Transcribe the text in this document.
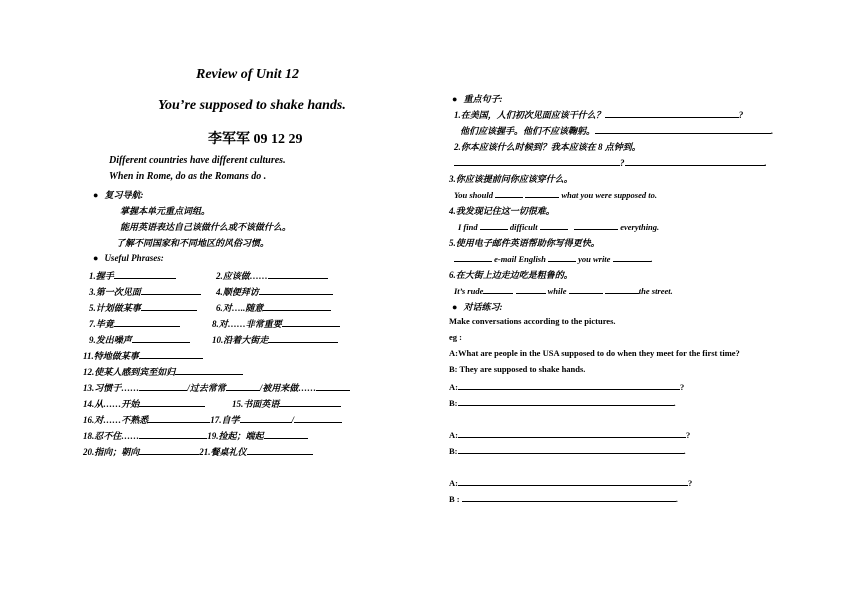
Review of Unit 12
You’re supposed to shake hands.
李军军 09 12 29
Different countries have different cultures.
When in Rome, do as the Romans do .
● 复习导航:
掌握本单元重点词组。
能用英语表达自己该做什么或不该做什么。
了解不同国家和不同地区的风俗习惯。
● Useful Phrases:
1.握手	2.应该做……
3.第一次见面	4.顺便拜访
5.计划做某事	6.对…..随意
7.毕竟	8.对……非常重要
9.发出噪声	10.沿着大街走
11.特地做某事
12.使某人感到宾至如归
13.习惯于……	/过去常常	/被用来做……
14.从……开始	15.书面英语
16.对……不熟悉	17.自学	/
18.忍不住……	19.捡起；端起
20.指向；朝向	21.餐桌礼仪
● 重点句子:
1.在美国，人们初次见面应该干什么？	?
他们应该握手。他们不应该鞠躬。	.
2.你本应该什么时候到？我本应该在 8 点钟到。
?	.
3.你应该提前问你应该穿什么。
You should	what you were supposed to.
4.我发现记住这一切很难。
I find	difficult	everything.
5.使用电子邮件英语帮助你写得更快。
e-mail English	you write	.
6.在大街上边走边吃是粗鲁的。
It’s rude	while	the street.
● 对话练习:
Make conversations according to the pictures.
eg :
A:What are people in the USA supposed to do when they meet for the first time?
B: They are supposed to shake hands.
A:	?
B:	.
A:	?
B:	.
A:	?
B :	.
